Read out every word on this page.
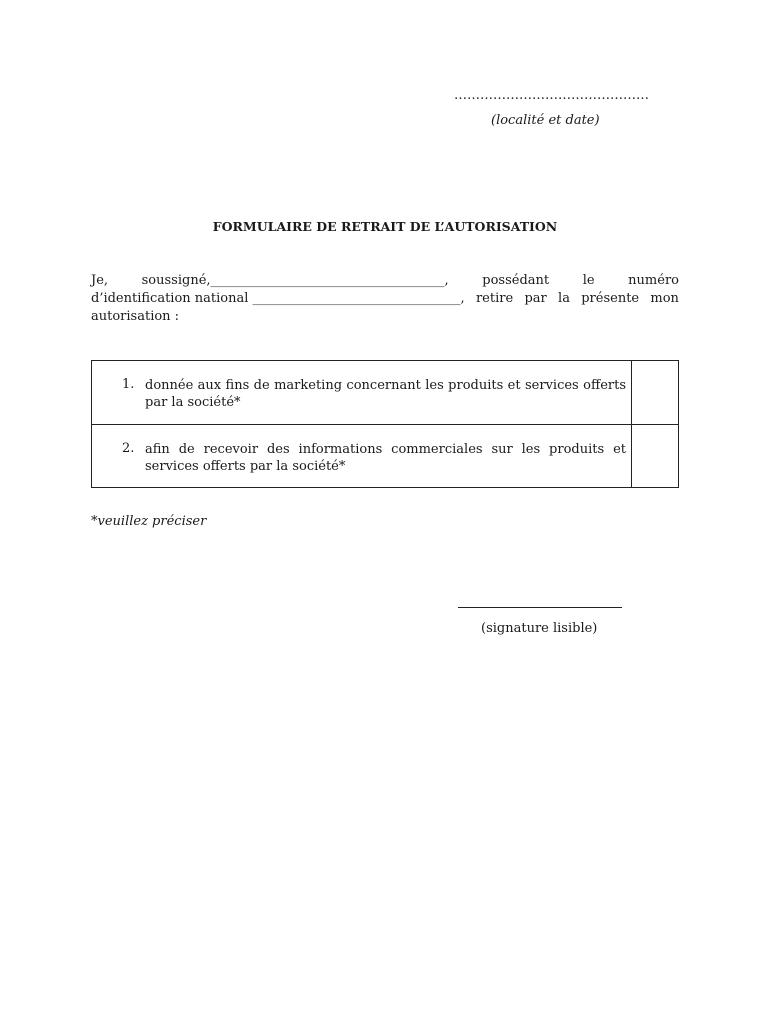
………………………………………
(localité et date)
FORMULAIRE DE RETRAIT DE L’AUTORISATION
Je,	soussigné,____________________________________,	possédant	le	numéro
d’identification national ________________________________, retire par la présente mon
autorisation :
1. donnée aux fins de marketing concernant les produits et services offerts par la société*
2. afin de recevoir des informations commerciales sur les produits et services offerts par la société*
*veuillez préciser
(signature lisible)
